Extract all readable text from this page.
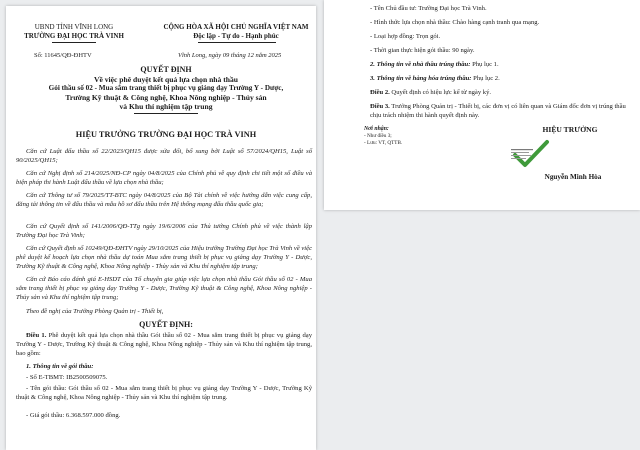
UBND TỈNH VĨNH LONG
TRƯỜNG ĐẠI HỌC TRÀ VINH
CỘNG HÒA XÃ HỘI CHỦ NGHĨA VIỆT NAM
Độc lập - Tự do - Hạnh phúc
Số: 11645/QĐ-ĐHTV	Vĩnh Long, ngày 09 tháng 12 năm 2025
QUYẾT ĐỊNH
Về việc phê duyệt kết quả lựa chọn nhà thầu
Gói thầu số 02 - Mua sắm trang thiết bị phục vụ giảng dạy Trường Y - Dược,
Trường Kỹ thuật & Công nghệ, Khoa Nông nghiệp - Thủy sản
và Khu thí nghiệm tập trung
HIỆU TRƯỞNG TRƯỜNG ĐẠI HỌC TRÀ VINH
Căn cứ Luật đấu thầu số 22/2023/QH15 được sửa đổi, bổ sung bởi Luật số 57/2024/QH15, Luật số 90/2025/QH15;
Căn cứ Nghị định số 214/2025/NĐ-CP ngày 04/8/2025 của Chính phủ về quy định chi tiết một số điều và biện pháp thi hành Luật đấu thầu về lựa chọn nhà thầu;
Căn cứ Thông tư số 79/2025/TT-BTC ngày 04/8/2025 của Bộ Tài chính về việc hướng dẫn việc cung cấp, đăng tải thông tin về đấu thầu và mẫu hồ sơ đấu thầu trên Hệ thống mạng đấu thầu quốc gia;
Căn cứ Quyết định số 141/2006/QĐ-TTg ngày 19/6/2006 của Thủ tướng Chính phủ về việc thành lập Trường Đại học Trà Vinh;
Căn cứ Quyết định số 10249/QĐ-ĐHTV ngày 29/10/2025 của Hiệu trưởng Trường Đại học Trà Vinh về việc phê duyệt kế hoạch lựa chọn nhà thầu dự toán Mua sắm trang thiết bị phục vụ giảng dạy Trường Y - Dược, Trường Kỹ thuật & Công nghệ, Khoa Nông nghiệp - Thủy sản và Khu thí nghiệm tập trung;
Căn cứ Báo cáo đánh giá E-HSDT của Tổ chuyên gia giúp việc lựa chọn nhà thầu Gói thầu số 02 - Mua sắm trang thiết bị phục vụ giảng dạy Trường Y - Dược, Trường Kỹ thuật & Công nghệ, Khoa Nông nghiệp - Thủy sản và Khu thí nghiệm tập trung;
Theo đề nghị của Trưởng Phòng Quản trị - Thiết bị,
QUYẾT ĐỊNH:
Điều 1. Phê duyệt kết quả lựa chọn nhà thầu Gói thầu số 02 - Mua sắm trang thiết bị phục vụ giảng dạy Trường Y - Dược, Trường Kỹ thuật & Công nghệ, Khoa Nông nghiệp - Thủy sản và Khu thí nghiệm tập trung, bao gồm:
1. Thông tin về gói thầu:
- Số E-TBMT: IB2500509075.
- Tên gói thầu: Gói thầu số 02 - Mua sắm trang thiết bị phục vụ giảng dạy Trường Y - Dược, Trường Kỹ thuật & Công nghệ, Khoa Nông nghiệp - Thủy sản và Khu thí nghiệm tập trung.
- Giá gói thầu: 6.368.597.000 đồng.
- Tên Chủ đầu tư: Trường Đại học Trà Vinh.
- Hình thức lựa chọn nhà thầu: Chào hàng cạnh tranh qua mạng.
- Loại hợp đồng: Trọn gói.
- Thời gian thực hiện gói thầu: 90 ngày.
2. Thông tin về nhà thầu trúng thầu: Phụ lục 1.
3. Thông tin về hàng hóa trúng thầu: Phụ lục 2.
Điều 2. Quyết định có hiệu lực kể từ ngày ký.
Điều 3. Trưởng Phòng Quản trị - Thiết bị, các đơn vị có liên quan và Giám đốc đơn vị trúng thầu chịu trách nhiệm thi hành quyết định này.
Nơi nhận:
- Như điều 3;
- Lưu: VT, QTTB.
HIỆU TRƯỞNG
Nguyễn Minh Hòa
